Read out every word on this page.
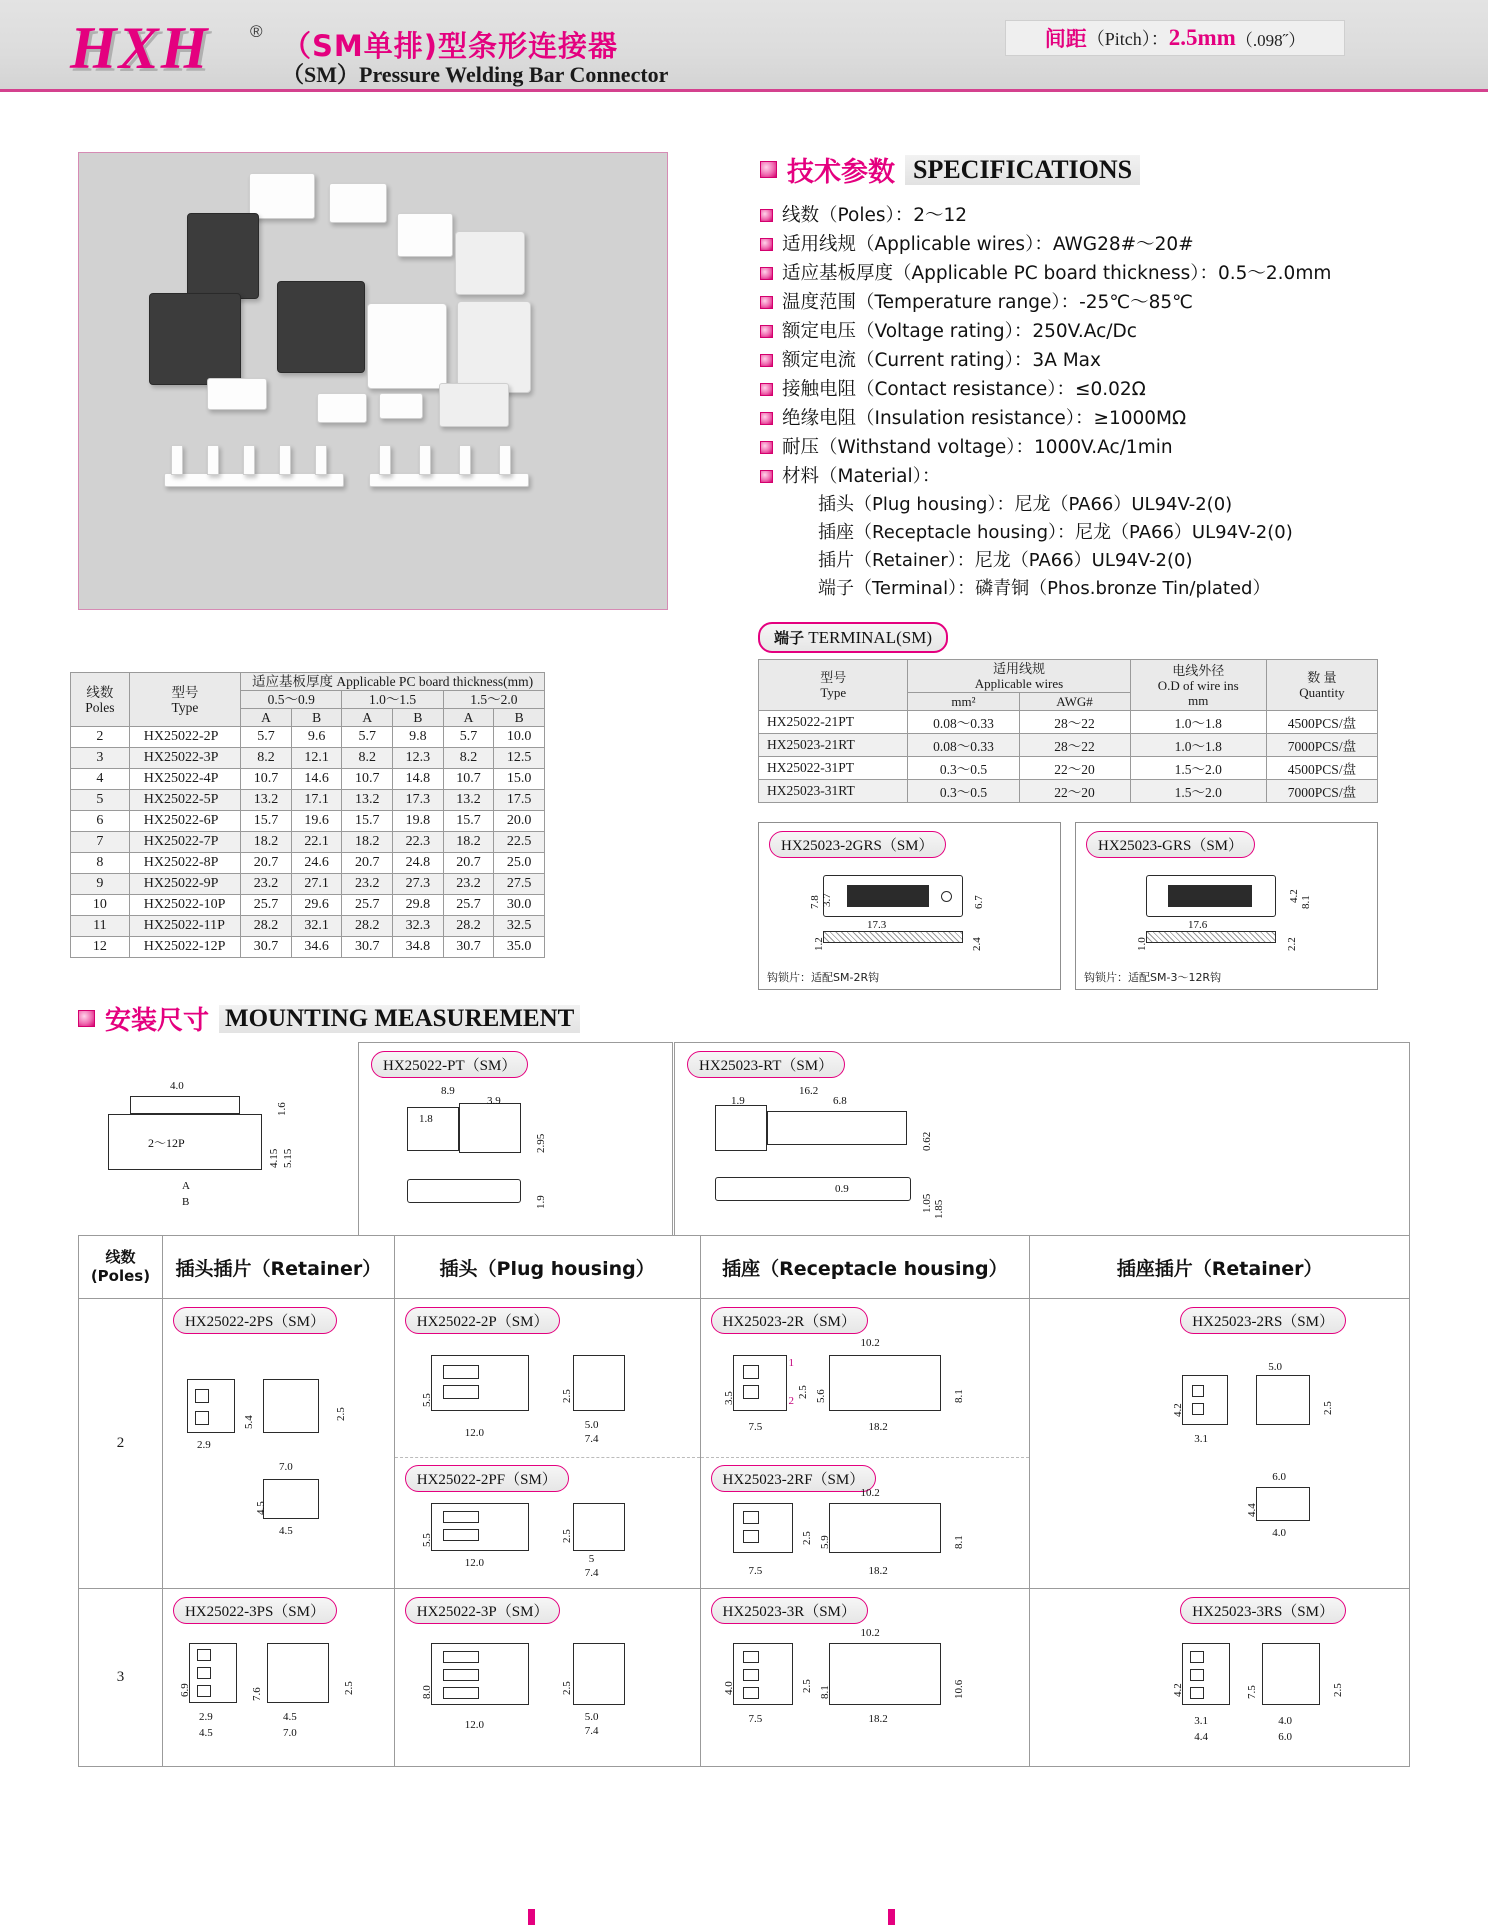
HXH ® （SM单排)型条形连接器
（SM）Pressure Welding Bar Connector
间距 （Pitch）： 2.5mm （.098˝）
技术参数 SPECIFICATIONS
线数（Poles）：2～12
适用线规（Applicable wires）：AWG28#～20#
适应基板厚度（Applicable PC board thickness）：0.5～2.0mm
温度范围（Temperature range）：-25℃～85℃
额定电压（Voltage rating）：250V.Ac/Dc
额定电流（Current rating）：3A Max
接触电阻（Contact resistance）：≤0.02Ω
绝缘电阻（Insulation resistance）：≥1000MΩ
耐压（Withstand voltage）：1000V.Ac/1min
材料（Material）：
插头（Plug housing）：尼龙（PA66）UL94V-2(0)
插座（Receptacle housing）：尼龙（PA66）UL94V-2(0)
插片（Retainer）：尼龙（PA66）UL94V-2(0)
端子（Terminal）：磷青铜（Phos.bronze Tin/plated）
线数
Poles

型号
Type
	适应基板厚度 Applicable PC board thickness(mm)
		0.5～0.9		1.0～1.5		1.5～2.0	
		A	B	A	B	A	B
2	HX25022-2P	5.7	9.6	5.7	9.8	5.7	10.0
3	HX25022-3P	8.2	12.1	8.2	12.3	8.2	12.5
4	HX25022-4P	10.7	14.6	10.7	14.8	10.7	15.0
5	HX25022-5P	13.2	17.1	13.2	17.3	13.2	17.5
6	HX25022-6P	15.7	19.6	15.7	19.8	15.7	20.0
7	HX25022-7P	18.2	22.1	18.2	22.3	18.2	22.5
8	HX25022-8P	20.7	24.6	20.7	24.8	20.7	25.0
9	HX25022-9P	23.2	27.1	23.2	27.3	23.2	27.5
10	HX25022-10P	25.7	29.6	25.7	29.8	25.7	30.0
11	HX25022-11P	28.2	32.1	28.2	32.3	28.2	32.5
12	HX25022-12P	30.7	34.6	30.7	34.8	30.7	35.0
端子 TERMINAL(SM)
型号
Type

适用线规
Applicable wires

电线外径
O.D of wire ins
mm

数 量
Quantity

	mm²	AWG#		
HX25022-21PT	0.08～0.33	28～22	1.0～1.8	4500PCS/盘
HX25023-21RT	0.08～0.33	28～22	1.0～1.8	7000PCS/盘
HX25022-31PT	0.3～0.5	22～20	1.5～2.0	4500PCS/盘
HX25023-31RT	0.3～0.5	22～20	1.5～2.0	7000PCS/盘
HX25023-2GRS（SM）
17.3
7.8 3.7	6.7
1.2	2.4
钩锁片：适配SM-2R钩
HX25023-GRS（SM）
17.6
4.2 8.1
1.0	2.2
钩锁片：适配SM-3～12R钩
安装尺寸 MOUNTING MEASUREMENT
4.0
1.6
4.15 5.15
2～12P
A
B
HX25022-PT（SM）
8.9
3.9
1.8
2.95
1.9
HX25023-RT（SM）
16.2
1.9	6.8
0.62
1.05 1.85
0.9
线数
(Poles)	插头插片（Retainer）	插头（Plug housing）	插座（Receptacle housing）	插座插片（Retainer）
2
HX25022-2PS（SM）
5.4
2.5
2.9
7.0
4.5
4.5
HX25022-2P（SM）
5.5
12.0
2.5
5.0
7.4
HX25022-2PF（SM）
5.5
12.0
2.5
5
7.4
HX25023-2R（SM）
10.2
3.5	2.5 5.6	8.1
7.5	18.2
1
2
HX25023-2RF（SM）
10.2
2.5 5.9	8.1
7.5	18.2
HX25023-2RS（SM）
4.2
5.0
2.5
3.1
6.0
4.4
4.0
3
HX25022-3PS（SM）
6.9	7.6	2.5
2.9
4.5
4.5
7.0
HX25022-3P（SM）
8.0
12.0
2.5
5.0
7.4
HX25023-3R（SM）
10.2
4.0	2.5 8.1	10.6
7.5	18.2
HX25023-3RS（SM）
4.2	7.5	2.5
3.1
4.4
4.0
6.0
